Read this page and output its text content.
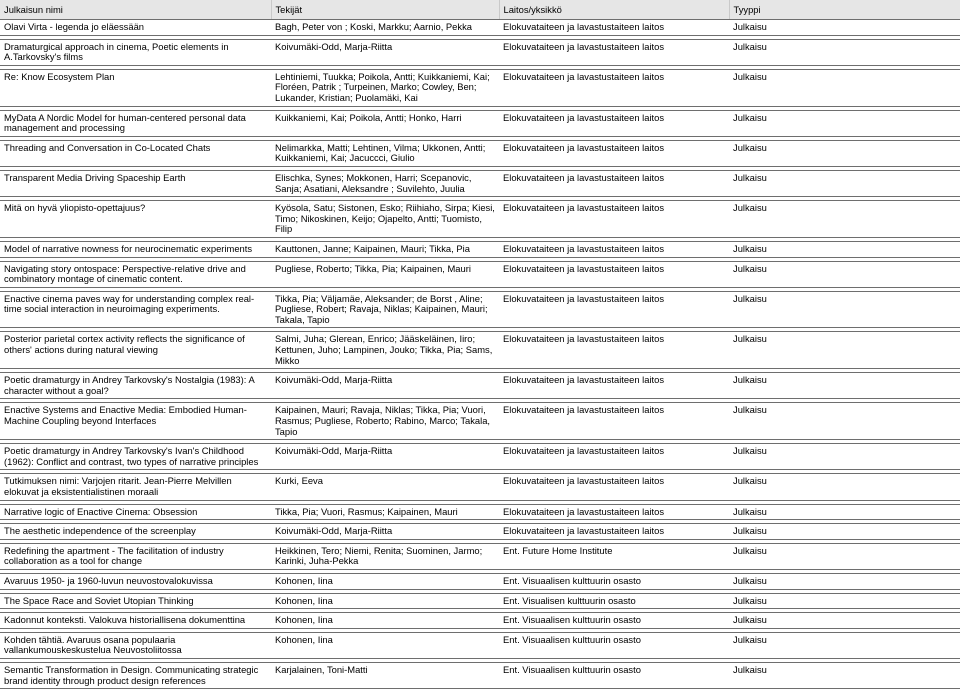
Julkaisun nimi	Tekijät	Laitos/yksikkö	Tyyppi
Olavi Virta - legenda jo eläessään	Bagh, Peter von ; Koski, Markku; Aarnio, Pekka	Elokuvataiteen ja lavastustaiteen laitos	Julkaisu

Dramaturgical approach in cinema, Poetic elements in A.Tarkovsky's films	Koivumäki-Odd, Marja-Riitta	Elokuvataiteen ja lavastustaiteen laitos	Julkaisu

Re: Know Ecosystem Plan	Lehtiniemi, Tuukka; Poikola, Antti; Kuikkaniemi, Kai; Floréen, Patrik ; Turpeinen, Marko; Cowley, Ben; Lukander, Kristian; Puolamäki, Kai	Elokuvataiteen ja lavastustaiteen laitos	Julkaisu

MyData A Nordic Model for human-centered personal data management and processing	Kuikkaniemi, Kai; Poikola, Antti; Honko, Harri	Elokuvataiteen ja lavastustaiteen laitos	Julkaisu

Threading and Conversation in Co-Located Chats	Nelimarkka, Matti; Lehtinen, Vilma; Ukkonen, Antti; Kuikkaniemi, Kai; Jacuccci, Giulio	Elokuvataiteen ja lavastustaiteen laitos	Julkaisu

Transparent Media Driving Spaceship Earth	Elischka, Synes; Mokkonen, Harri; Scepanovic, Sanja; Asatiani, Aleksandre ; Suvilehto, Juulia	Elokuvataiteen ja lavastustaiteen laitos	Julkaisu

Mitä on hyvä yliopisto-opettajuus?	Kyösola, Satu; Sistonen, Esko; Riihiaho, Sirpa; Kiesi, Timo; Nikoskinen, Keijo; Ojapelto, Antti; Tuomisto, Filip	Elokuvataiteen ja lavastustaiteen laitos	Julkaisu

Model of narrative nowness for neurocinematic experiments	Kauttonen, Janne; Kaipainen, Mauri; Tikka, Pia	Elokuvataiteen ja lavastustaiteen laitos	Julkaisu

Navigating story ontospace: Perspective-relative drive and combinatory montage of cinematic content.	Pugliese, Roberto; Tikka, Pia; Kaipainen, Mauri	Elokuvataiteen ja lavastustaiteen laitos	Julkaisu

Enactive cinema paves way for understanding complex real-time social interaction in neuroimaging experiments.	Tikka, Pia; Väljamäe, Aleksander; de Borst , Aline; Pugliese, Robert; Ravaja, Niklas; Kaipainen, Mauri; Takala, Tapio	Elokuvataiteen ja lavastustaiteen laitos	Julkaisu

Posterior parietal cortex activity reflects the significance of others' actions during natural viewing	Salmi, Juha; Glerean, Enrico; Jääskeläinen, Iiro; Kettunen, Juho; Lampinen, Jouko; Tikka, Pia; Sams, Mikko	Elokuvataiteen ja lavastustaiteen laitos	Julkaisu

Poetic dramaturgy in Andrey Tarkovsky's Nostalgia (1983): A character without a goal?	Koivumäki-Odd, Marja-Riitta	Elokuvataiteen ja lavastustaiteen laitos	Julkaisu

Enactive Systems and Enactive Media: Embodied Human-Machine Coupling beyond Interfaces	Kaipainen, Mauri; Ravaja, Niklas; Tikka, Pia; Vuori, Rasmus; Pugliese, Roberto; Rabino, Marco; Takala, Tapio	Elokuvataiteen ja lavastustaiteen laitos	Julkaisu

Poetic dramaturgy in Andrey Tarkovsky's Ivan's Childhood (1962): Conflict and contrast, two types of narrative principles	Koivumäki-Odd, Marja-Riitta	Elokuvataiteen ja lavastustaiteen laitos	Julkaisu

Tutkimuksen nimi: Varjojen ritarit. Jean-Pierre Melvillen elokuvat ja eksistentialistinen moraali	Kurki, Eeva	Elokuvataiteen ja lavastustaiteen laitos	Julkaisu

Narrative logic of Enactive Cinema: Obsession	Tikka, Pia; Vuori, Rasmus; Kaipainen, Mauri	Elokuvataiteen ja lavastustaiteen laitos	Julkaisu

The aesthetic independence of the screenplay	Koivumäki-Odd, Marja-Riitta	Elokuvataiteen ja lavastustaiteen laitos	Julkaisu

Redefining the apartment - The facilitation of industry collaboration as a tool for change	Heikkinen, Tero; Niemi, Renita; Suominen, Jarmo; Karinki, Juha-Pekka	Ent. Future Home Institute	Julkaisu

Avaruus 1950- ja 1960-luvun neuvostovalokuvissa	Kohonen, Iina	Ent. Visuaalisen kulttuurin osasto	Julkaisu

The Space Race and Soviet Utopian Thinking	Kohonen, Iina	Ent. Visualisen kulttuurin osasto	Julkaisu

Kadonnut konteksti. Valokuva historiallisena dokumenttina	Kohonen, Iina	Ent. Visuaalisen kulttuurin osasto	Julkaisu

Kohden tähtiä. Avaruus osana populaaria vallankumouskeskustelua Neuvostoliitossa	Kohonen, Iina	Ent. Visuaalisen kulttuurin osasto	Julkaisu

Semantic Transformation in Design. Communicating strategic brand identity through product design references	Karjalainen, Toni-Matti	Ent. Visuaalisen kulttuurin osasto	Julkaisu
